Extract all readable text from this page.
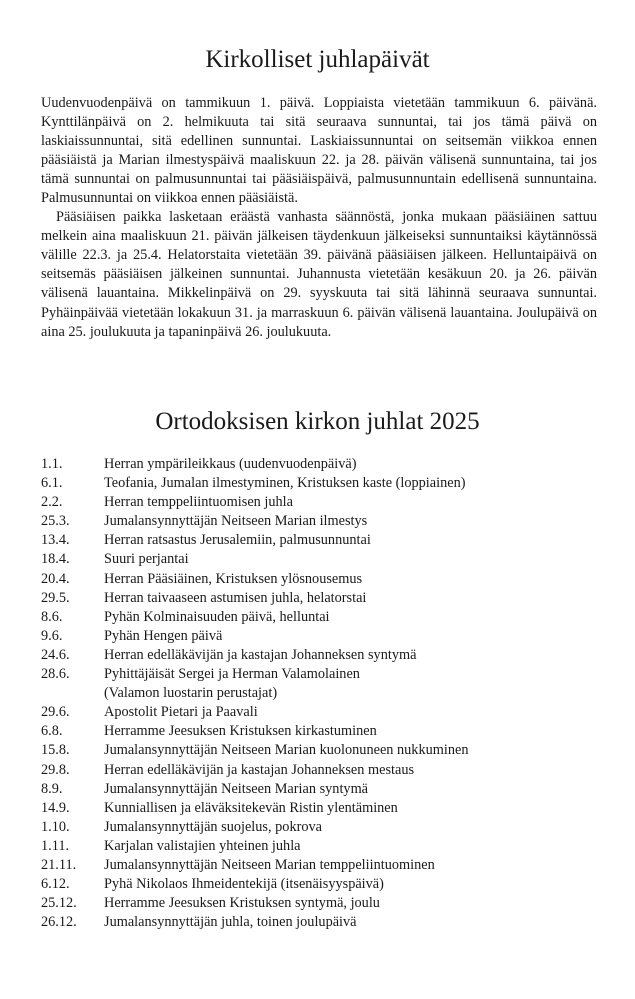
Kirkolliset juhlapäivät

Uudenvuodenpäivä on tammikuun 1. päivä. Loppiaista vietetään tammikuun 6. päivänä. Kynttilänpäivä on 2. helmikuuta tai sitä seuraava sunnuntai, tai jos tämä päivä on laskiaissunnuntai, sitä edellinen sunnuntai. Laskiaissunnuntai on seitsemän viikkoa ennen pääsiäistä ja Marian ilmestyspäivä maaliskuun 22. ja 28. päivän välisenä sunnuntaina, tai jos tämä sunnuntai on palmusunnuntai tai pääsiäispäivä, palmusunnuntain edellisenä sunnuntaina. Palmusunnuntai on viikkoa ennen pääsiäistä.

Pääsiäisen paikka lasketaan eräästä vanhasta säännöstä, jonka mukaan pääsiäinen sattuu melkein aina maaliskuun 21. päivän jälkeisen täydenkuun jälkeiseksi sunnuntaiksi käytännössä välille 22.3. ja 25.4. Helatorstaita vietetään 39. päivänä pääsiäisen jälkeen. Helluntaipäivä on seitsemäs pääsiäisen jälkeinen sunnuntai. Juhannusta vietetään kesäkuun 20. ja 26. päivän välisenä lauantaina. Mikkelinpäivä on 29. syyskuuta tai sitä lähinnä seuraava sunnuntai. Pyhäinpäivää vietetään lokakuun 31. ja marraskuun 6. päivän välisenä lauantaina. Joulupäivä on aina 25. joulukuuta ja tapaninpäivä 26. joulukuuta.

Ortodoksisen kirkon juhlat 2025
1.1.	Herran ympärileikkaus (uudenvuodenpäivä)
6.1.	Teofania, Jumalan ilmestyminen, Kristuksen kaste (loppiainen)
2.2.	Herran temppeliintuomisen juhla
25.3.	Jumalansynnyttäjän Neitseen Marian ilmestys
13.4.	Herran ratsastus Jerusalemiin, palmusunnuntai
18.4.	Suuri perjantai
20.4.	Herran Pääsiäinen, Kristuksen ylösnousemus
29.5.	Herran taivaaseen astumisen juhla, helatorstai
8.6.	Pyhän Kolminaisuuden päivä, helluntai
9.6.	Pyhän Hengen päivä
24.6.	Herran edelläkävijän ja kastajan Johanneksen syntymä
28.6.	Pyhittäjäisät Sergei ja Herman Valamolainen
(Valamon luostarin perustajat)
29.6.	Apostolit Pietari ja Paavali
6.8.	Herramme Jeesuksen Kristuksen kirkastuminen
15.8.	Jumalansynnyttäjän Neitseen Marian kuolonuneen nukkuminen
29.8.	Herran edelläkävijän ja kastajan Johanneksen mestaus
8.9.	Jumalansynnyttäjän Neitseen Marian syntymä
14.9.	Kunniallisen ja eläväksitekevän Ristin ylentäminen
1.10.	Jumalansynnyttäjän suojelus, pokrova
1.11.	Karjalan valistajien yhteinen juhla
21.11.	Jumalansynnyttäjän Neitseen Marian temppeliintuominen
6.12.	Pyhä Nikolaos Ihmeidentekijä (itsenäisyyspäivä)
25.12.	Herramme Jeesuksen Kristuksen syntymä, joulu
26.12.	Jumalansynnyttäjän juhla, toinen joulupäivä
